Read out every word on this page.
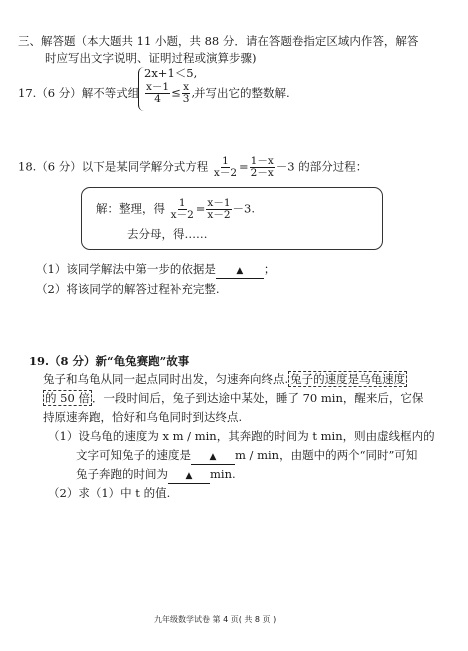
三、解答题（本大题共 11 小题，共 88 分．请在答题卷指定区域内作答，解答
时应写出文字说明、证明过程或演算步骤)
17.（6 分）解不等式组
2x+1＜5,
$\frac{x-1}{4} \le \frac{x}{3}$ ,
并写出它的整数解.
18.（6 分）以下是某同学解分式方程 $\frac{1}{x-2} = \frac{1-x}{2-x} -3$ 的部分过程：
解：整理，得 $\frac{1}{x-2} = \frac{x-1}{x-2} -3$.
去分母，得……
（1）该同学解法中第一步的依据是 ▲ ；
（2）将该同学的解答过程补充完整.
19.（8 分）新“龟兔赛跑”故事
兔子和乌龟从同一起点同时出发，匀速奔向终点. 兔子的速度是乌龟速度
的 50 倍 ．一段时间后，兔子到达途中某处，睡了 70 min，醒来后，它保
持原速奔跑，恰好和乌龟同时到达终点.
（1）设乌龟的速度为 x m / min，其奔跑的时间为 t min，则由虚线框内的
文字可知兔子的速度是 ▲ m / min，由题中的两个“同时”可知
兔子奔跑的时间为 ▲ min.
（2）求（1）中 t 的值.
九年级数学试卷 第 4 页( 共 8 页 )
